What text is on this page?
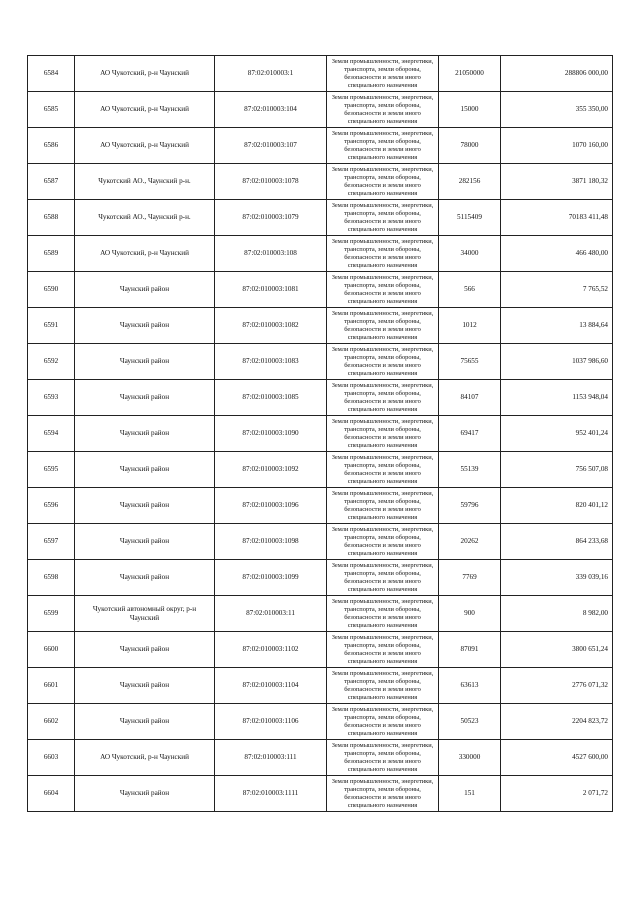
6584	АО Чукотский, р-н Чаунский	87:02:010003:1	Земли промышленности, энергетики, транспорта, земли обороны, безопасности и земли иного специального назначения	21050000	288806 000,00
6585	АО Чукотский, р-н Чаунский	87:02:010003:104	Земли промышленности, энергетики, транспорта, земли обороны, безопасности и земли иного специального назначения	15000	355 350,00
6586	АО Чукотский, р-н Чаунский	87:02:010003:107	Земли промышленности, энергетики, транспорта, земли обороны, безопасности и земли иного специального назначения	78000	1070 160,00
6587	Чукотский АО., Чаунский р-н.	87:02:010003:1078	Земли промышленности, энергетики, транспорта, земли обороны, безопасности и земли иного специального назначения	282156	3871 180,32
6588	Чукотский АО., Чаунский р-н.	87:02:010003:1079	Земли промышленности, энергетики, транспорта, земли обороны, безопасности и земли иного специального назначения	5115409	70183 411,48
6589	АО Чукотский, р-н Чаунский	87:02:010003:108	Земли промышленности, энергетики, транспорта, земли обороны, безопасности и земли иного специального назначения	34000	466 480,00
6590	Чаунский район	87:02:010003:1081	Земли промышленности, энергетики, транспорта, земли обороны, безопасности и земли иного специального назначения	566	7 765,52
6591	Чаунский район	87:02:010003:1082	Земли промышленности, энергетики, транспорта, земли обороны, безопасности и земли иного специального назначения	1012	13 884,64
6592	Чаунский район	87:02:010003:1083	Земли промышленности, энергетики, транспорта, земли обороны, безопасности и земли иного специального назначения	75655	1037 986,60
6593	Чаунский район	87:02:010003:1085	Земли промышленности, энергетики, транспорта, земли обороны, безопасности и земли иного специального назначения	84107	1153 948,04
6594	Чаунский район	87:02:010003:1090	Земли промышленности, энергетики, транспорта, земли обороны, безопасности и земли иного специального назначения	69417	952 401,24
6595	Чаунский район	87:02:010003:1092	Земли промышленности, энергетики, транспорта, земли обороны, безопасности и земли иного специального назначения	55139	756 507,08
6596	Чаунский район	87:02:010003:1096	Земли промышленности, энергетики, транспорта, земли обороны, безопасности и земли иного специального назначения	59796	820 401,12
6597	Чаунский район	87:02:010003:1098	Земли промышленности, энергетики, транспорта, земли обороны, безопасности и земли иного специального назначения	20262	864 233,68
6598	Чаунский район	87:02:010003:1099	Земли промышленности, энергетики, транспорта, земли обороны, безопасности и земли иного специального назначения	7769	339 039,16
6599	Чукотский автономный округ, р-н Чаунский	87:02:010003:11	Земли промышленности, энергетики, транспорта, земли обороны, безопасности и земли иного специального назначения	900	8 982,00
6600	Чаунский район	87:02:010003:1102	Земли промышленности, энергетики, транспорта, земли обороны, безопасности и земли иного специального назначения	87091	3800 651,24
6601	Чаунский район	87:02:010003:1104	Земли промышленности, энергетики, транспорта, земли обороны, безопасности и земли иного специального назначения	63613	2776 071,32
6602	Чаунский район	87:02:010003:1106	Земли промышленности, энергетики, транспорта, земли обороны, безопасности и земли иного специального назначения	50523	2204 823,72
6603	АО Чукотский, р-н Чаунский	87:02:010003:111	Земли промышленности, энергетики, транспорта, земли обороны, безопасности и земли иного специального назначения	330000	4527 600,00
6604	Чаунский район	87:02:010003:1111	Земли промышленности, энергетики, транспорта, земли обороны, безопасности и земли иного специального назначения	151	2 071,72
